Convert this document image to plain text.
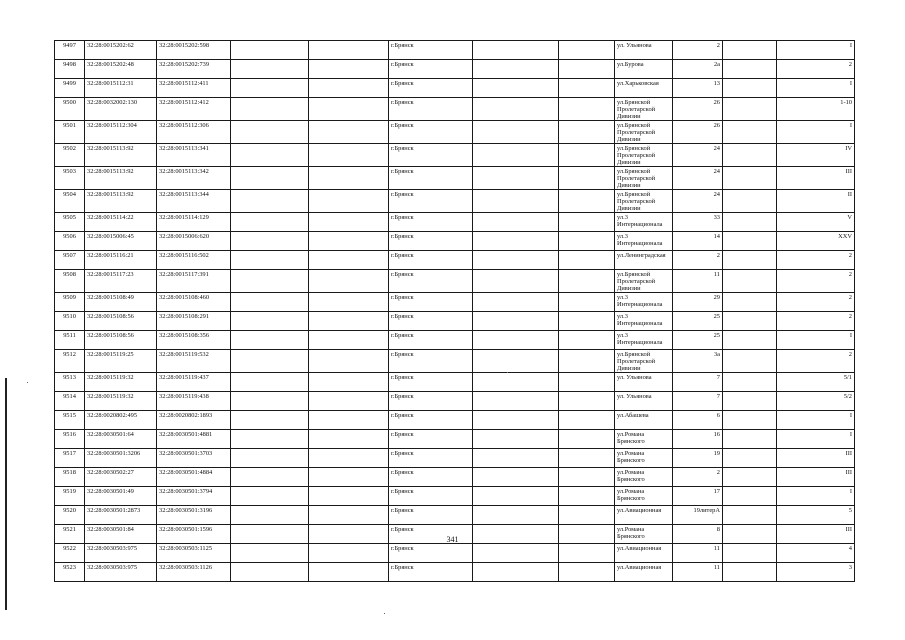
9497	32:28:0015202:62	32:28:0015202:598			г.Брянск			ул. Ульянова	2		I
9498	32:28:0015202:48	32:28:0015202:739			г.Брянск			ул.Бурова	2а		2
9499	32:28:0015112:31	32:28:0015112:411			г.Брянск			ул.Харьковская	13		I
9500	32:28:0032002:130	32:28:0015112:412			г.Брянск			ул.Брянской Пролетарской Дивизии	26		1-10
9501	32:28:0015112:304	32:28:0015112:306			г.Брянск			ул.Брянской Пролетарской Дивизии	26		I
9502	32:28:0015113:92	32:28:0015113:341			г.Брянск			ул.Брянской Пролетарской Дивизии	24		IV
9503	32:28:0015113:92	32:28:0015113:342			г.Брянск			ул.Брянской Пролетарской Дивизии	24		III
9504	32:28:0015113:92	32:28:0015113:344			г.Брянск			ул.Брянской Пролетарской Дивизии	24		II
9505	32:28:0015114:22	32:28:0015114:129			г.Брянск			ул.3 Интернационала	33		V
9506	32:28:0015006:45	32:28:0015006:620			г.Брянск			ул.3 Интернационала	14		XXV
9507	32:28:0015116:21	32:28:0015116:502			г.Брянск			ул.Ленинградская	2		2
9508	32:28:0015117:23	32:28:0015117:391			г.Брянск			ул.Брянской Пролетарской Дивизии	11		2
9509	32:28:0015108:49	32:28:0015108:460			г.Брянск			ул.3 Интернационала	29		2
9510	32:28:0015108:56	32:28:0015108:291			г.Брянск			ул.3 Интернационала	25		2
9511	32:28:0015108:56	32:28:0015108:356			г.Брянск			ул.3 Интернационала	25		I
9512	32:28:0015119:25	32:28:0015119:532			г.Брянск			ул.Брянской Пролетарской Дивизии	3а		2
9513	32:28:0015119:32	32:28:0015119:437			г.Брянск			ул. Ульянова	7		5/1
9514	32:28:0015119:32	32:28:0015119:438			г.Брянск			ул. Ульянова	7		5/2
9515	32:28:0020802:495	32:28:0020802:1893			г.Брянск			ул.Абашева	6		I
9516	32:28:0030501:64	32:28:0030501:4881			г.Брянск			ул.Романа Брянского	16		I
9517	32:28:0030501:3206	32:28:0030501:3703			г.Брянск			ул.Романа Брянского	19		III
9518	32:28:0030502:27	32:28:0030501:4884			г.Брянск			ул.Романа Брянского	2		III
9519	32:28:0030501:49	32:28:0030501:3794			г.Брянск			ул.Романа Брянского	17		I
9520	32:28:0030501:2873	32:28:0030501:3196			г.Брянск			ул.Авиационная	19литерА		5
9521	32:28:0030501:84	32:28:0030501:1596			г.Брянск			ул.Романа Брянского	8		III
9522	32:28:0030503:975	32:28:0030503:1125			г.Брянск			ул.Авиационная	11		4
9523	32:28:0030503:975	32:28:0030503:1126			г.Брянск			ул.Авиационная	11		3
341
